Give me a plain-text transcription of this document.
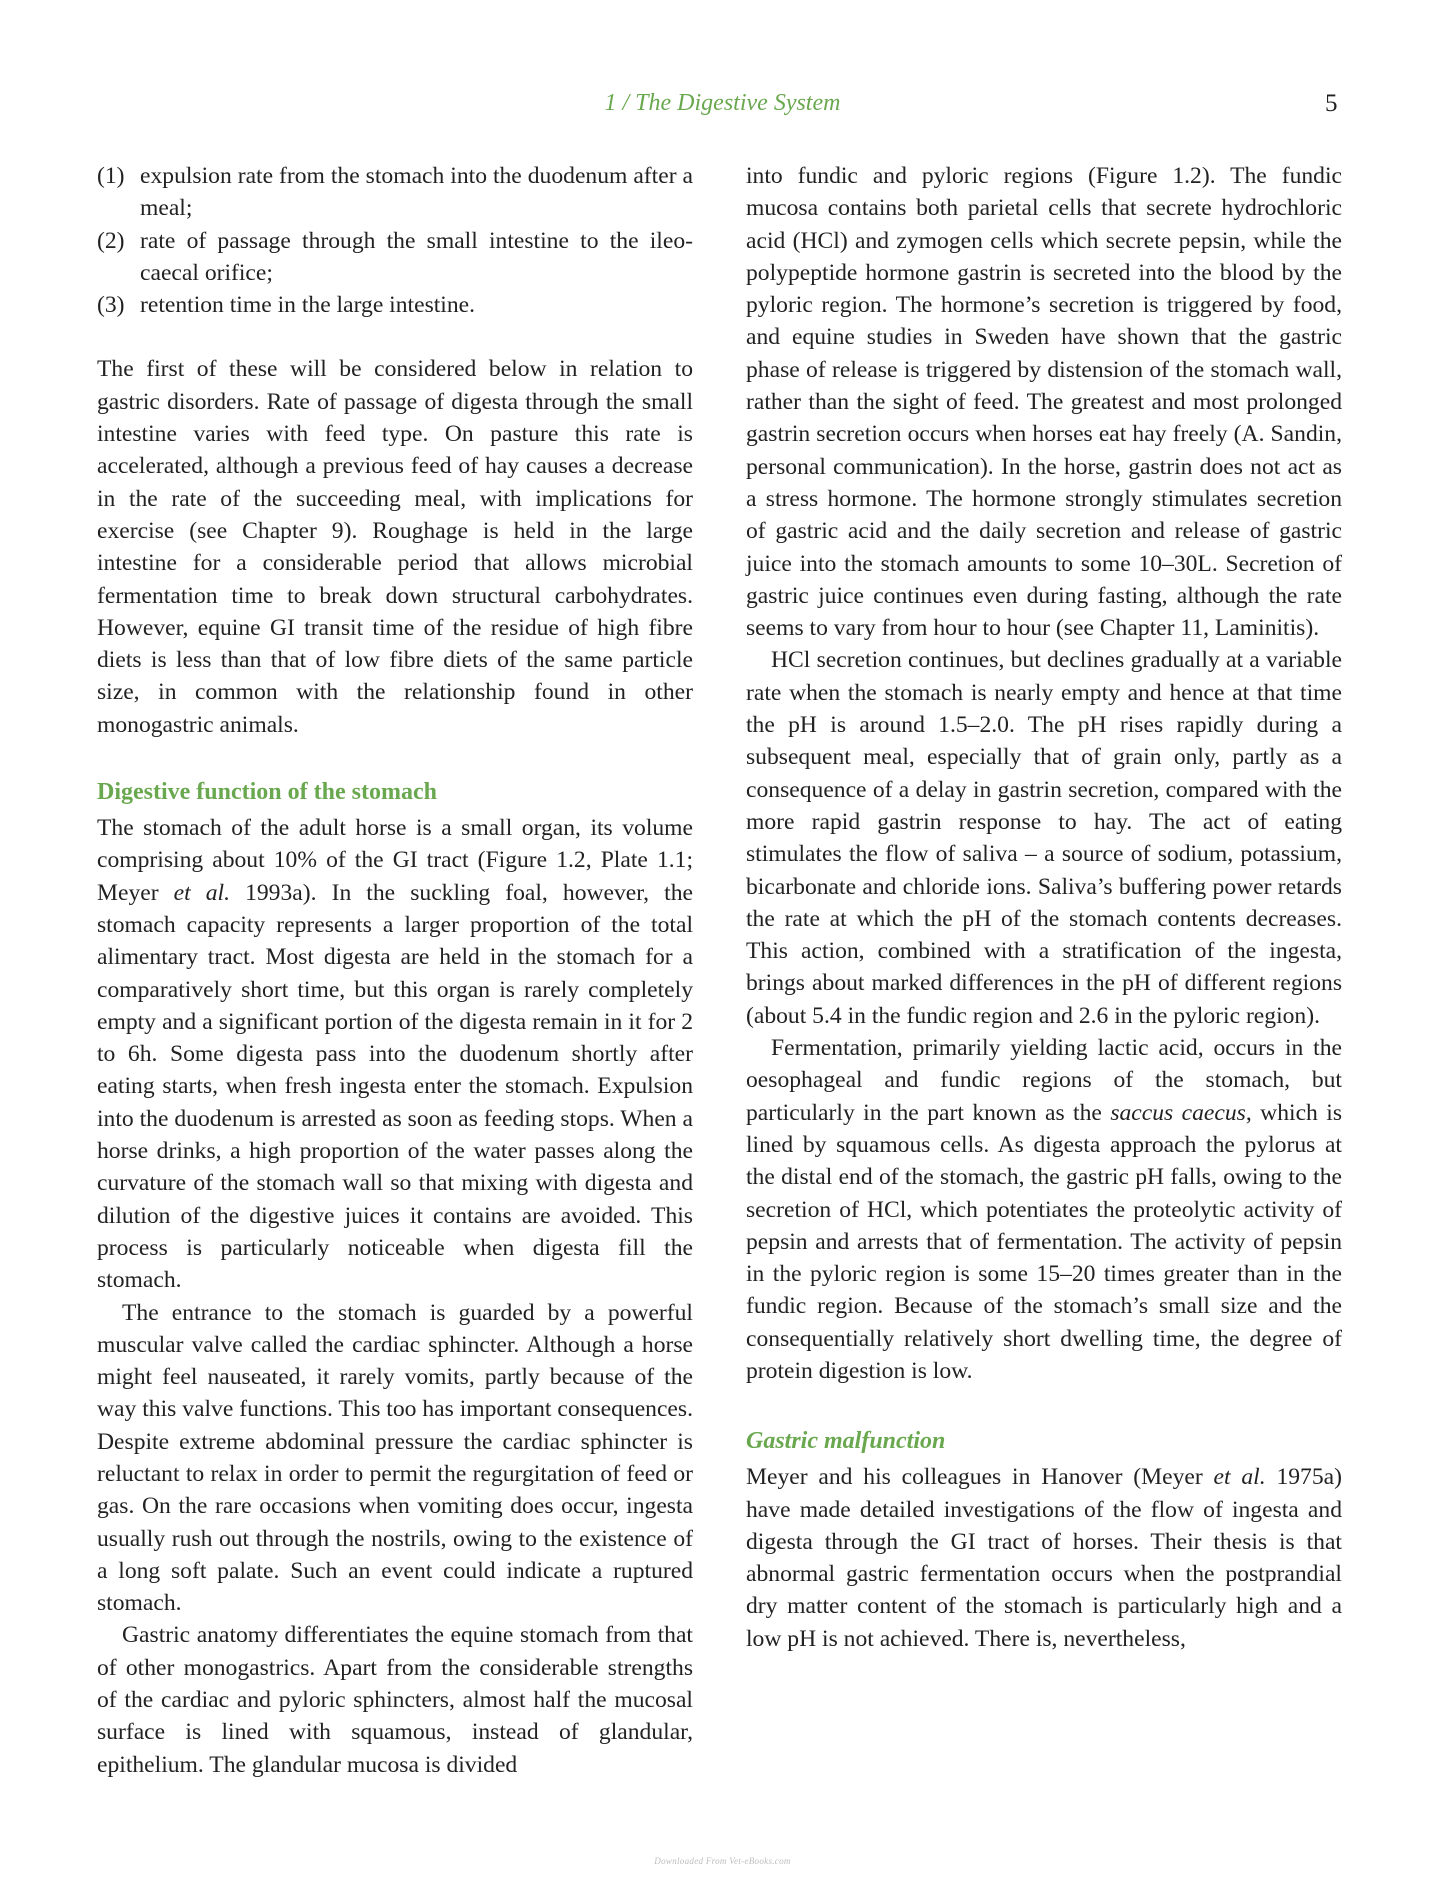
1 / The Digestive System	5
(1) expulsion rate from the stomach into the duodenum after a meal;
(2) rate of passage through the small intestine to the ileocaecal orifice;
(3) retention time in the large intestine.

The first of these will be considered below in relation to gastric disorders. Rate of passage of digesta through the small intestine varies with feed type. On pasture this rate is accelerated, although a previous feed of hay causes a decrease in the rate of the succeeding meal, with implications for exercise (see Chapter 9). Roughage is held in the large intestine for a considerable period that allows microbial fermentation time to break down structural carbohydrates. However, equine GI transit time of the residue of high fibre diets is less than that of low fibre diets of the same particle size, in common with the relationship found in other monogastric animals.

Digestive function of the stomach

The stomach of the adult horse is a small organ, its volume comprising about 10% of the GI tract (Figure 1.2, Plate 1.1; Meyer et al. 1993a). In the suckling foal, however, the stomach capacity represents a larger proportion of the total alimentary tract. Most digesta are held in the stomach for a comparatively short time, but this organ is rarely completely empty and a significant portion of the digesta remain in it for 2 to 6h. Some digesta pass into the duodenum shortly after eating starts, when fresh ingesta enter the stomach. Expulsion into the duodenum is arrested as soon as feeding stops. When a horse drinks, a high proportion of the water passes along the curvature of the stomach wall so that mixing with digesta and dilution of the digestive juices it contains are avoided. This process is particularly noticeable when digesta fill the stomach.

The entrance to the stomach is guarded by a powerful muscular valve called the cardiac sphincter. Although a horse might feel nauseated, it rarely vomits, partly because of the way this valve functions. This too has important consequences. Despite extreme abdominal pressure the cardiac sphincter is reluctant to relax in order to permit the regurgitation of feed or gas. On the rare occasions when vomiting does occur, ingesta usually rush out through the nostrils, owing to the existence of a long soft palate. Such an event could indicate a ruptured stomach.

Gastric anatomy differentiates the equine stomach from that of other monogastrics. Apart from the considerable strengths of the cardiac and pyloric sphincters, almost half the mucosal surface is lined with squamous, instead of glandular, epithelium. The glandular mucosa is divided

into fundic and pyloric regions (Figure 1.2). The fundic mucosa contains both parietal cells that secrete hydrochloric acid (HCl) and zymogen cells which secrete pepsin, while the polypeptide hormone gastrin is secreted into the blood by the pyloric region. The hormone’s secretion is triggered by food, and equine studies in Sweden have shown that the gastric phase of release is triggered by distension of the stomach wall, rather than the sight of feed. The greatest and most prolonged gastrin secretion occurs when horses eat hay freely (A. Sandin, personal communication). In the horse, gastrin does not act as a stress hormone. The hormone strongly stimulates secretion of gastric acid and the daily secretion and release of gastric juice into the stomach amounts to some 10–30L. Secretion of gastric juice continues even during fasting, although the rate seems to vary from hour to hour (see Chapter 11, Laminitis).

HCl secretion continues, but declines gradually at a variable rate when the stomach is nearly empty and hence at that time the pH is around 1.5–2.0. The pH rises rapidly during a subsequent meal, especially that of grain only, partly as a consequence of a delay in gastrin secretion, compared with the more rapid gastrin response to hay. The act of eating stimulates the flow of saliva – a source of sodium, potassium, bicarbonate and chloride ions. Saliva’s buffering power retards the rate at which the pH of the stomach contents decreases. This action, combined with a stratification of the ingesta, brings about marked differences in the pH of different regions (about 5.4 in the fundic region and 2.6 in the pyloric region).

Fermentation, primarily yielding lactic acid, occurs in the oesophageal and fundic regions of the stomach, but particularly in the part known as the saccus caecus, which is lined by squamous cells. As digesta approach the pylorus at the distal end of the stomach, the gastric pH falls, owing to the secretion of HCl, which potentiates the proteolytic activity of pepsin and arrests that of fermentation. The activity of pepsin in the pyloric region is some 15–20 times greater than in the fundic region. Because of the stomach’s small size and the consequentially relatively short dwelling time, the degree of protein digestion is low.

Gastric malfunction

Meyer and his colleagues in Hanover (Meyer et al. 1975a) have made detailed investigations of the flow of ingesta and digesta through the GI tract of horses. Their thesis is that abnormal gastric fermentation occurs when the postprandial dry matter content of the stomach is particularly high and a low pH is not achieved. There is, nevertheless,

Downloaded From Vet-eBooks.com
